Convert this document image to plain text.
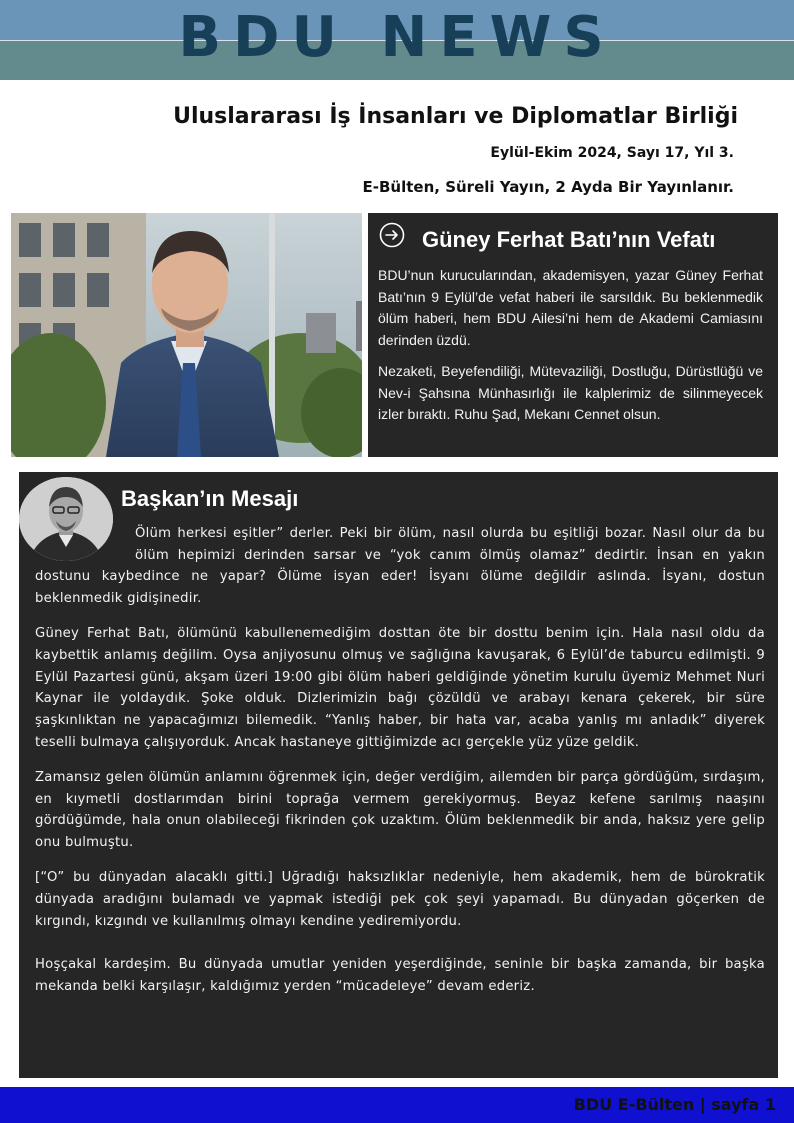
BDU NEWS
Uluslararası İş İnsanları ve Diplomatlar Birliği
Eylül-Ekim 2024, Sayı 17, Yıl 3.
E-Bülten, Süreli Yayın, 2 Ayda Bir Yayınlanır.
Güney Ferhat Batı’nın Vefatı

BDU’nun kurucularından, akademisyen, yazar Güney Ferhat Batı’nın 9 Eylül’de vefat haberi ile sarsıldık. Bu beklenmedik ölüm haberi, hem BDU Ailesi’ni hem de Akademi Camiasını derinden üzdü.

Nezaketi, Beyefendiliği, Mütevaziliği, Dostluğu, Dürüstlüğü ve Nev-i Şahsına Münhasırlığı ile kalplerimiz de silinmeyecek izler bıraktı. Ruhu Şad, Mekanı Cennet olsun.

Başkan’ın Mesajı

Ölüm herkesi eşitler” derler. Peki bir ölüm, nasıl olurda bu eşitliği bozar. Nasıl olur da bu ölüm hepimizi derinden sarsar ve “yok canım ölmüş olamaz” dedirtir. İnsan en yakın dostunu kaybedince ne yapar? Ölüme isyan eder! İsyanı ölüme değildir aslında. İsyanı, dostun beklenmedik gidişinedir.

Güney Ferhat Batı, ölümünü kabullenemediğim dosttan öte bir dosttu benim için. Hala nasıl oldu da kaybettik anlamış değilim. Oysa anjiyosunu olmuş ve sağlığına kavuşarak, 6 Eylül’de taburcu edilmişti. 9 Eylül Pazartesi günü, akşam üzeri 19:00 gibi ölüm haberi geldiğinde yönetim kurulu üyemiz Mehmet Nuri Kaynar ile yoldaydık. Şoke olduk. Dizlerimizin bağı çözüldü ve arabayı kenara çekerek, bir süre şaşkınlıktan ne yapacağımızı bilemedik. “Yanlış haber, bir hata var, acaba yanlış mı anladık” diyerek teselli bulmaya çalışıyorduk. Ancak hastaneye gittiğimizde acı gerçekle yüz yüze geldik.

Zamansız gelen ölümün anlamını öğrenmek için, değer verdiğim, ailemden bir parça gördüğüm, sırdaşım, en kıymetli dostlarımdan birini toprağa vermem gerekiyormuş. Beyaz kefene sarılmış naaşını gördüğümde, hala onun olabileceği fikrinden çok uzaktım. Ölüm beklenmedik bir anda, haksız yere gelip onu bulmuştu.

[“O” bu dünyadan alacaklı gitti.] Uğradığı haksızlıklar nedeniyle, hem akademik, hem de bürokratik dünyada aradığını bulamadı ve yapmak istediği pek çok şeyi yapamadı. Bu dünyadan göçerken de kırgındı, kızgındı ve kullanılmış olmayı kendine yediremiyordu.

Hoşçakal kardeşim. Bu dünyada umutlar yeniden yeşerdiğinde, seninle bir başka zamanda, bir başka mekanda belki karşılaşır, kaldığımız yerden “mücadeleye” devam ederiz.

BDU E-Bülten | sayfa 1
